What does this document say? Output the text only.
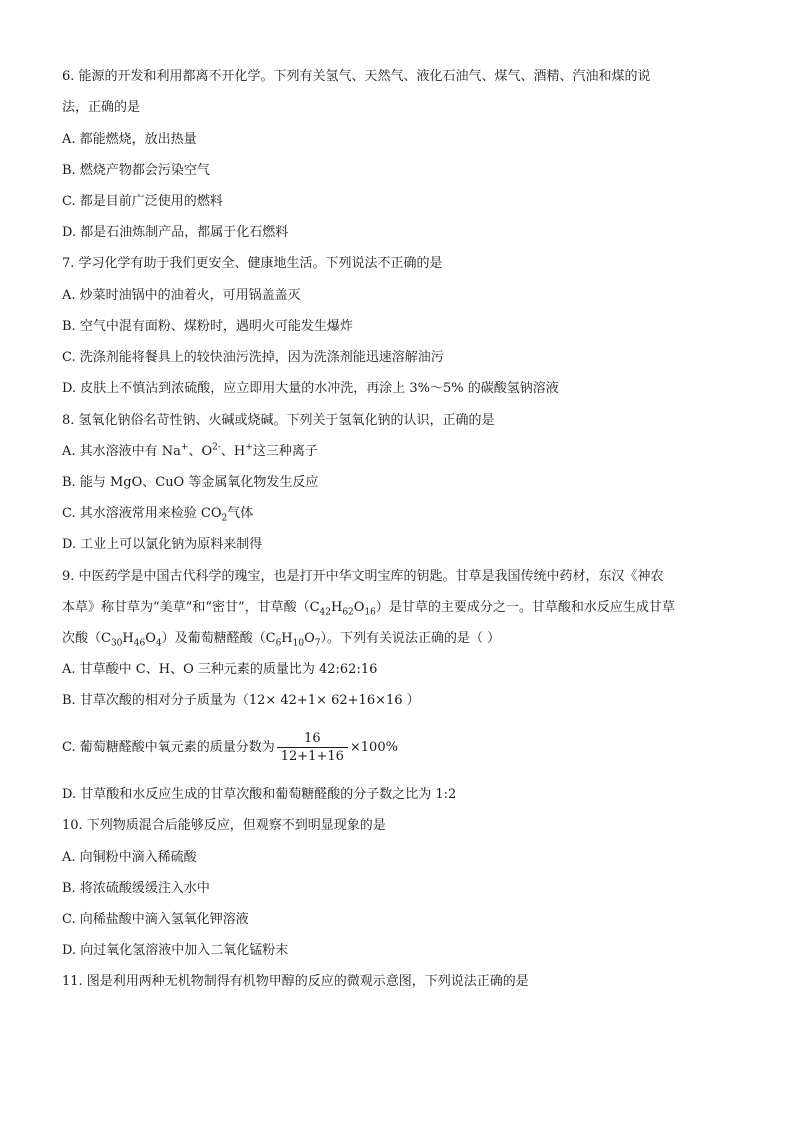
6. 能源的开发和利用都离不开化学。下列有关氢气、天然气、液化石油气、煤气、酒精、汽油和煤的说
法，正确的是
A. 都能燃烧，放出热量
B. 燃烧产物都会污染空气
C. 都是目前广泛使用的燃料
D. 都是石油炼制产品，都属于化石燃料
7. 学习化学有助于我们更安全、健康地生活。下列说法不正确的是
A. 炒菜时油锅中的油着火，可用锅盖盖灭
B. 空气中混有面粉、煤粉时，遇明火可能发生爆炸
C. 洗涤剂能将餐具上的较快油污洗掉，因为洗涤剂能迅速溶解油污
D. 皮肤上不慎沾到浓硫酸，应立即用大量的水冲洗，再涂上 3%～5% 的碳酸氢钠溶液
8. 氢氧化钠俗名苛性钠、火碱或烧碱。下列关于氢氧化钠的认识，正确的是
A. 其水溶液中有 Na+、$O^{2-}$、H+这三种离子
B. 能与 MgO、CuO 等金属氧化物发生反应
C. 其水溶液常用来检验 $CO_2$气体
D. 工业上可以氯化钠为原料来制得
9. 中医药学是中国古代科学的瑰宝，也是打开中华文明宝库的钥匙。甘草是我国传统中药材，东汉《神农
本草》称甘草为“美草”和“密甘”，甘草酸$(C_{42}H_{62}O_{16})$是甘草的主要成分之一。甘草酸和水反应生成甘草
次酸$(C_{30}H_{46}O_4)$及葡萄糖醛酸$(C_6H_{10}O_7)$。下列有关说法正确的是（ ）
A. 甘草酸中 C、H、O 三种元素的质量比为 42:62:16
B. 甘草次酸的相对分子质量为（12× 42+1× 62+16×16 ）
C. 葡萄糖醛酸中氧元素的质量分数为 $\frac{16}{12+1+16} \times 100\%$
D. 甘草酸和水反应生成的甘草次酸和葡萄糖醛酸的分子数之比为 1:2
10. 下列物质混合后能够反应，但观察不到明显现象的是
A. 向铜粉中滴入稀硫酸
B. 将浓硫酸缓缓注入水中
C. 向稀盐酸中滴入氢氧化钾溶液
D. 向过氧化氢溶液中加入二氧化锰粉末
11. 图是利用两种无机物制得有机物甲醇的反应的微观示意图，下列说法正确的是
